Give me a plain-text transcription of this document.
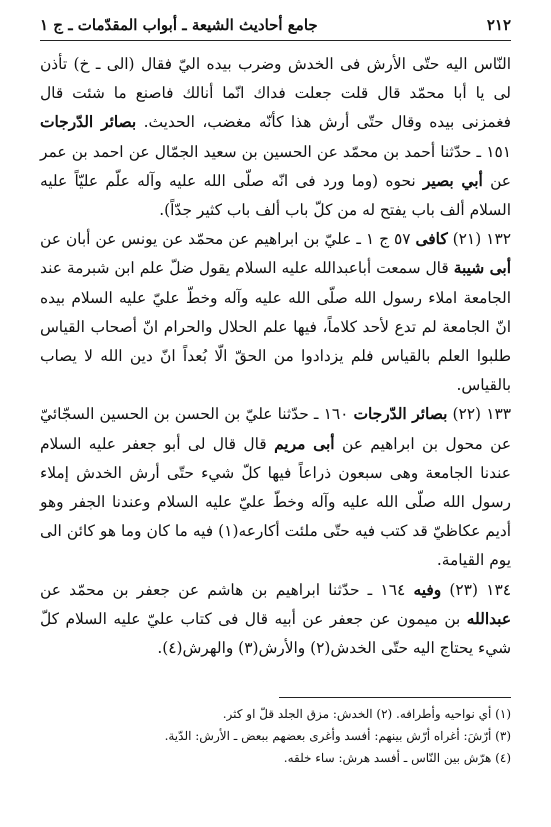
٢١٢
جامع أحاديث الشيعة ـ أبواب المقدّمات ـ ج ١

النّاس اليه حتّى الأرش فى الخدش وضرب بيده اليّ فقال (الى ـ خ) تأذن لى يا أبا محمّد قال قلت جعلت فداك انّما أنالك فاصنع ما شئت قال فغمزنى بيده وقال حتّى أرش هذا كأنّه مغضب، الحديث. بصائر الدّرجات ١٥١ ـ حدّثنا أحمد بن محمّد عن الحسين بن سعيد الجمّال عن احمد بن عمر عن أبي بصير نحوه (وما ورد فى انّه صلّى الله عليه وآله علّم عليّاً عليه السلام ألف باب يفتح له من كلّ باب ألف باب كثير جدّاً).

١٣٢ (٢١) كافى ٥٧ ج ١ ـ عليّ بن ابراهيم عن محمّد عن يونس عن أبان عن أبى شيبة قال سمعت أباعبدالله عليه السلام يقول ضلّ علم ابن شبرمة عند الجامعة املاء رسول الله صلّى الله عليه وآله وخطّ عليّ عليه السلام بيده انّ الجامعة لم تدع لأحد كلاماً، فيها علم الحلال والحرام انّ أصحاب القياس طلبوا العلم بالقياس فلم يزدادوا من الحقّ الّا بُعداً انّ دين الله لا يصاب بالقياس.

١٣٣ (٢٢) بصائر الدّرجات ١٦٠ ـ حدّثنا عليّ بن الحسن بن الحسين السجّائيّ عن محول بن ابراهيم عن أبى مريم قال قال لى أبو جعفر عليه السلام عندنا الجامعة وهى سبعون ذراعاً فيها كلّ شيء حتّى أرش الخدش إملاء رسول الله صلّى الله عليه وآله وخطّ عليّ عليه السلام وعندنا الجفر وهو أديم عكاظيّ قد كتب فيه حتّى ملئت أكارعه(١) فيه ما كان وما هو كائن الى يوم القيامة.

١٣٤ (٢٣) وفيه ١٦٤ ـ حدّثنا ابراهيم بن هاشم عن جعفر بن محمّد عن عبدالله بن ميمون عن جعفر عن أبيه قال فى كتاب عليّ عليه السلام كلّ شيء يحتاج اليه حتّى الخدش(٢) والأرش(٣) والهرش(٤).

(١) أي نواحيه وأطرافه. (٢) الخدش: مزق الجلد قلّ او كثر.
(٣) أرّشَ: أغراه أرّش بينهم: أفسد وأغرى بعضهم ببعض ـ الأرش: الدّية.
(٤) هرّش بين النّاس ـ أفسد هرش: ساء خلقه.
